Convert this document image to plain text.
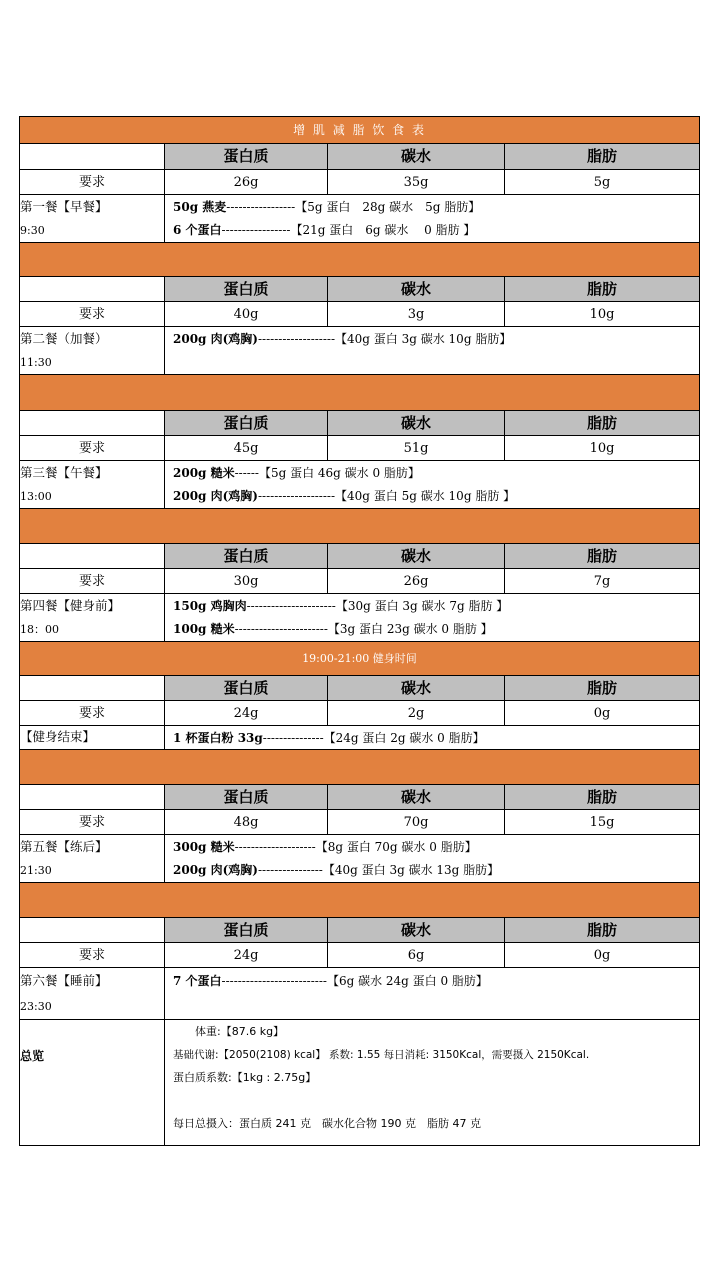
增 肌 减 脂 饮 食 表			
	蛋白质	碳水	脂肪
要求	26g	35g	5g
第一餐【早餐】	50g 燕麦-----------------【5g 蛋白　28g 碳水　5g 脂肪】		
9:30	6 个蛋白-----------------【21g 蛋白　6g 碳水　 0 脂肪 】		

	蛋白质	碳水	脂肪
要求	40g	3g	10g
第二餐（加餐）	200g 肉(鸡胸)-------------------【40g 蛋白 3g 碳水 10g 脂肪】		
11:30			

	蛋白质	碳水	脂肪
要求	45g	51g	10g
第三餐【午餐】	200g 糙米------【5g 蛋白 46g 碳水 0 脂肪】		
13:00	200g 肉(鸡胸)-------------------【40g 蛋白 5g 碳水 10g 脂肪 】		

	蛋白质	碳水	脂肪
要求	30g	26g	7g
第四餐【健身前】	150g 鸡胸肉----------------------【30g 蛋白 3g 碳水 7g 脂肪 】		
18：00	100g 糙米-----------------------【3g 蛋白 23g 碳水 0 脂肪 】		
19:00-21:00 健身时间			
	蛋白质	碳水	脂肪
要求	24g	2g	0g
【健身结束】	1 杯蛋白粉 33g---------------【24g 蛋白 2g 碳水 0 脂肪】		

	蛋白质	碳水	脂肪
要求	48g	70g	15g
第五餐【练后】	300g 糙米--------------------【8g 蛋白 70g 碳水 0 脂肪】		
21:30	200g 肉(鸡胸)----------------【40g 蛋白 3g 碳水 13g 脂肪】		

	蛋白质	碳水	脂肪
要求	24g	6g	0g
第六餐【睡前】	7 个蛋白--------------------------【6g 碳水 24g 蛋白 0 脂肪】		
23:30			
总览	体重:【87.6 kg】
基础代谢:【2050(2108) kcal】 系数: 1.55 每日消耗: 3150Kcal，需要摄入 2150Kcal.
蛋白质系数:【1kg : 2.75g】
每日总摄入：蛋白质 241 克　碳水化合物 190 克　脂肪 47 克		
